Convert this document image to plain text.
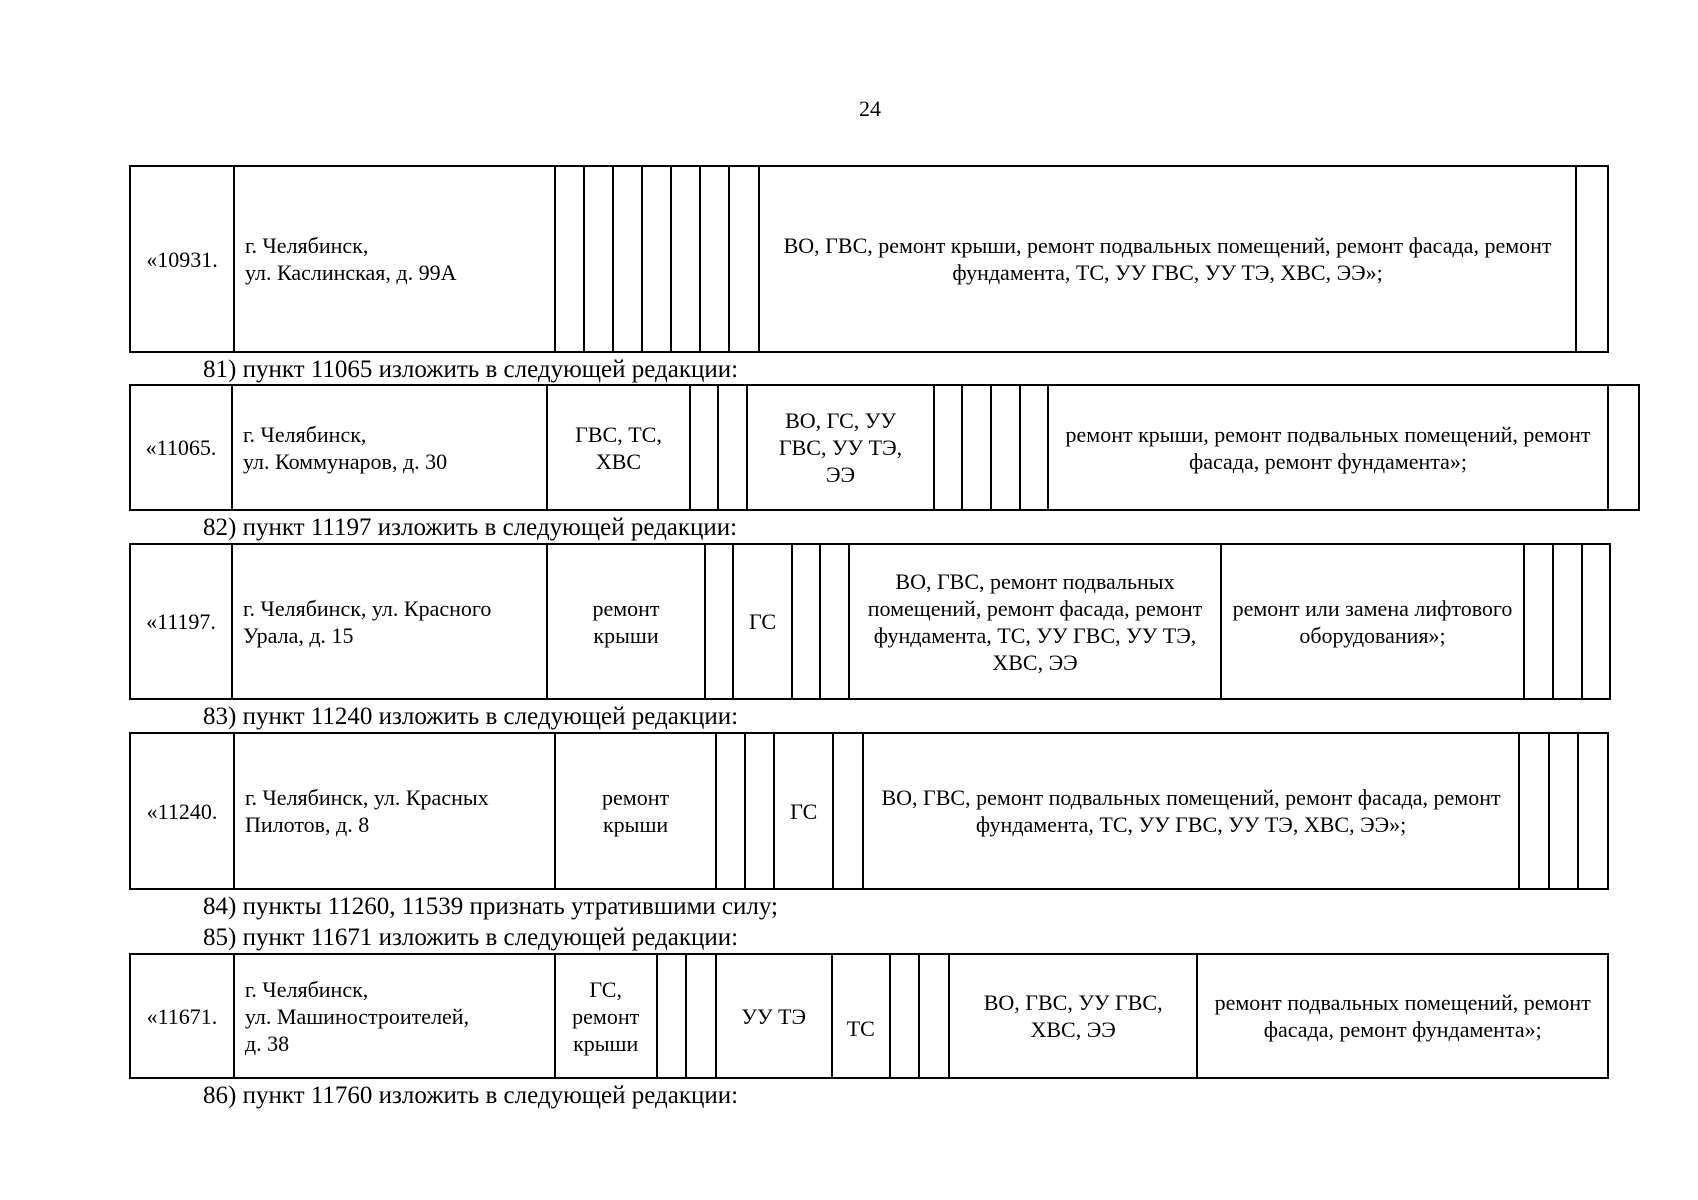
24
«10931.	г. Челябинск,
ул. Каслинская, д. 99А								ВО, ГВС, ремонт крыши, ремонт подвальных помещений, ремонт фасада, ремонт фундамента, ТС, УУ ГВС, УУ ТЭ, ХВС, ЭЭ»;	
81) пункт 11065 изложить в следующей редакции:
«11065.	г. Челябинск,
ул. Коммунаров, д. 30	ГВС, ТС,
ХВС			ВО, ГС, УУ
ГВС, УУ ТЭ,
ЭЭ					ремонт крыши, ремонт подвальных помещений, ремонт фасада, ремонт фундамента»;	
82) пункт 11197 изложить в следующей редакции:
«11197.	г. Челябинск, ул. Красного Урала, д. 15	ремонт
крыши		ГС			ВО, ГВС, ремонт подвальных помещений, ремонт фасада, ремонт фундамента, ТС, УУ ГВС, УУ ТЭ, ХВС, ЭЭ	ремонт или замена лифтового оборудования»;			
83) пункт 11240 изложить в следующей редакции:
«11240.	г. Челябинск, ул. Красных Пилотов, д. 8	ремонт
крыши			ГС		ВО, ГВС, ремонт подвальных помещений, ремонт фасада, ремонт фундамента, ТС, УУ ГВС, УУ ТЭ, ХВС, ЭЭ»;			
84) пункты 11260, 11539 признать утратившими силу;
85) пункт 11671 изложить в следующей редакции:
«11671.	г. Челябинск,
ул. Машиностроителей,
д. 38	ГС,
ремонт
крыши			УУ ТЭ	ТС			ВО, ГВС, УУ ГВС,
ХВС, ЭЭ	ремонт подвальных помещений, ремонт фасада, ремонт фундамента»;
86) пункт 11760 изложить в следующей редакции:
